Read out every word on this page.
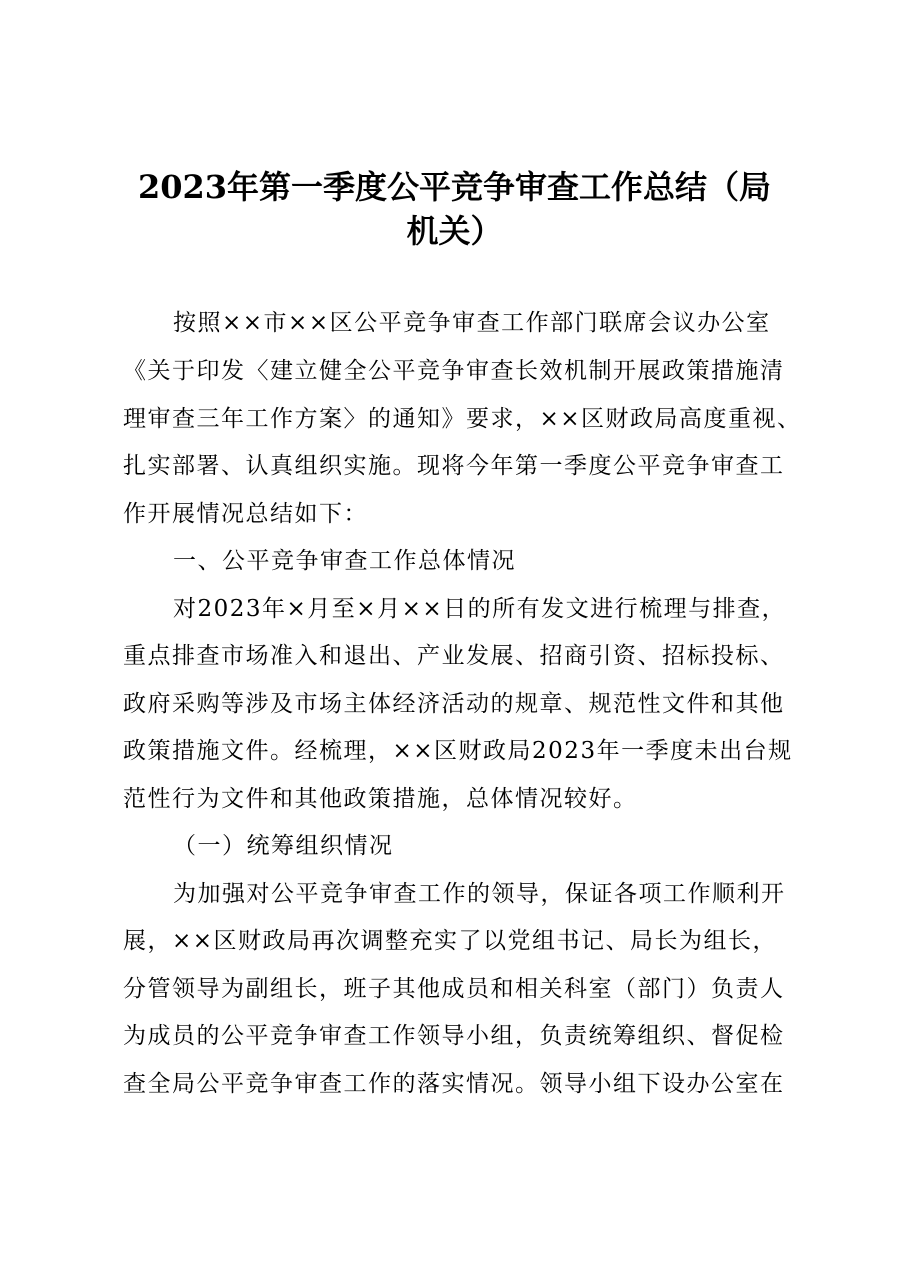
2023年第一季度公平竞争审查工作总结（局
机关）
按照××市××区公平竞争审查工作部门联席会议办公室
《关于印发〈建立健全公平竞争审查长效机制开展政策措施清
理审查三年工作方案〉的通知》要求，××区财政局高度重视、
扎实部署、认真组织实施。现将今年第一季度公平竞争审查工
作开展情况总结如下：
一、公平竞争审查工作总体情况
对2023年×月至×月××日的所有发文进行梳理与排查，
重点排查市场准入和退出、产业发展、招商引资、招标投标、
政府采购等涉及市场主体经济活动的规章、规范性文件和其他
政策措施文件。经梳理，××区财政局2023年一季度未出台规
范性行为文件和其他政策措施，总体情况较好。
（一）统筹组织情况
为加强对公平竞争审查工作的领导，保证各项工作顺利开
展，××区财政局再次调整充实了以党组书记、局长为组长，
分管领导为副组长，班子其他成员和相关科室（部门）负责人
为成员的公平竞争审查工作领导小组，负责统筹组织、督促检
查全局公平竞争审查工作的落实情况。领导小组下设办公室在
